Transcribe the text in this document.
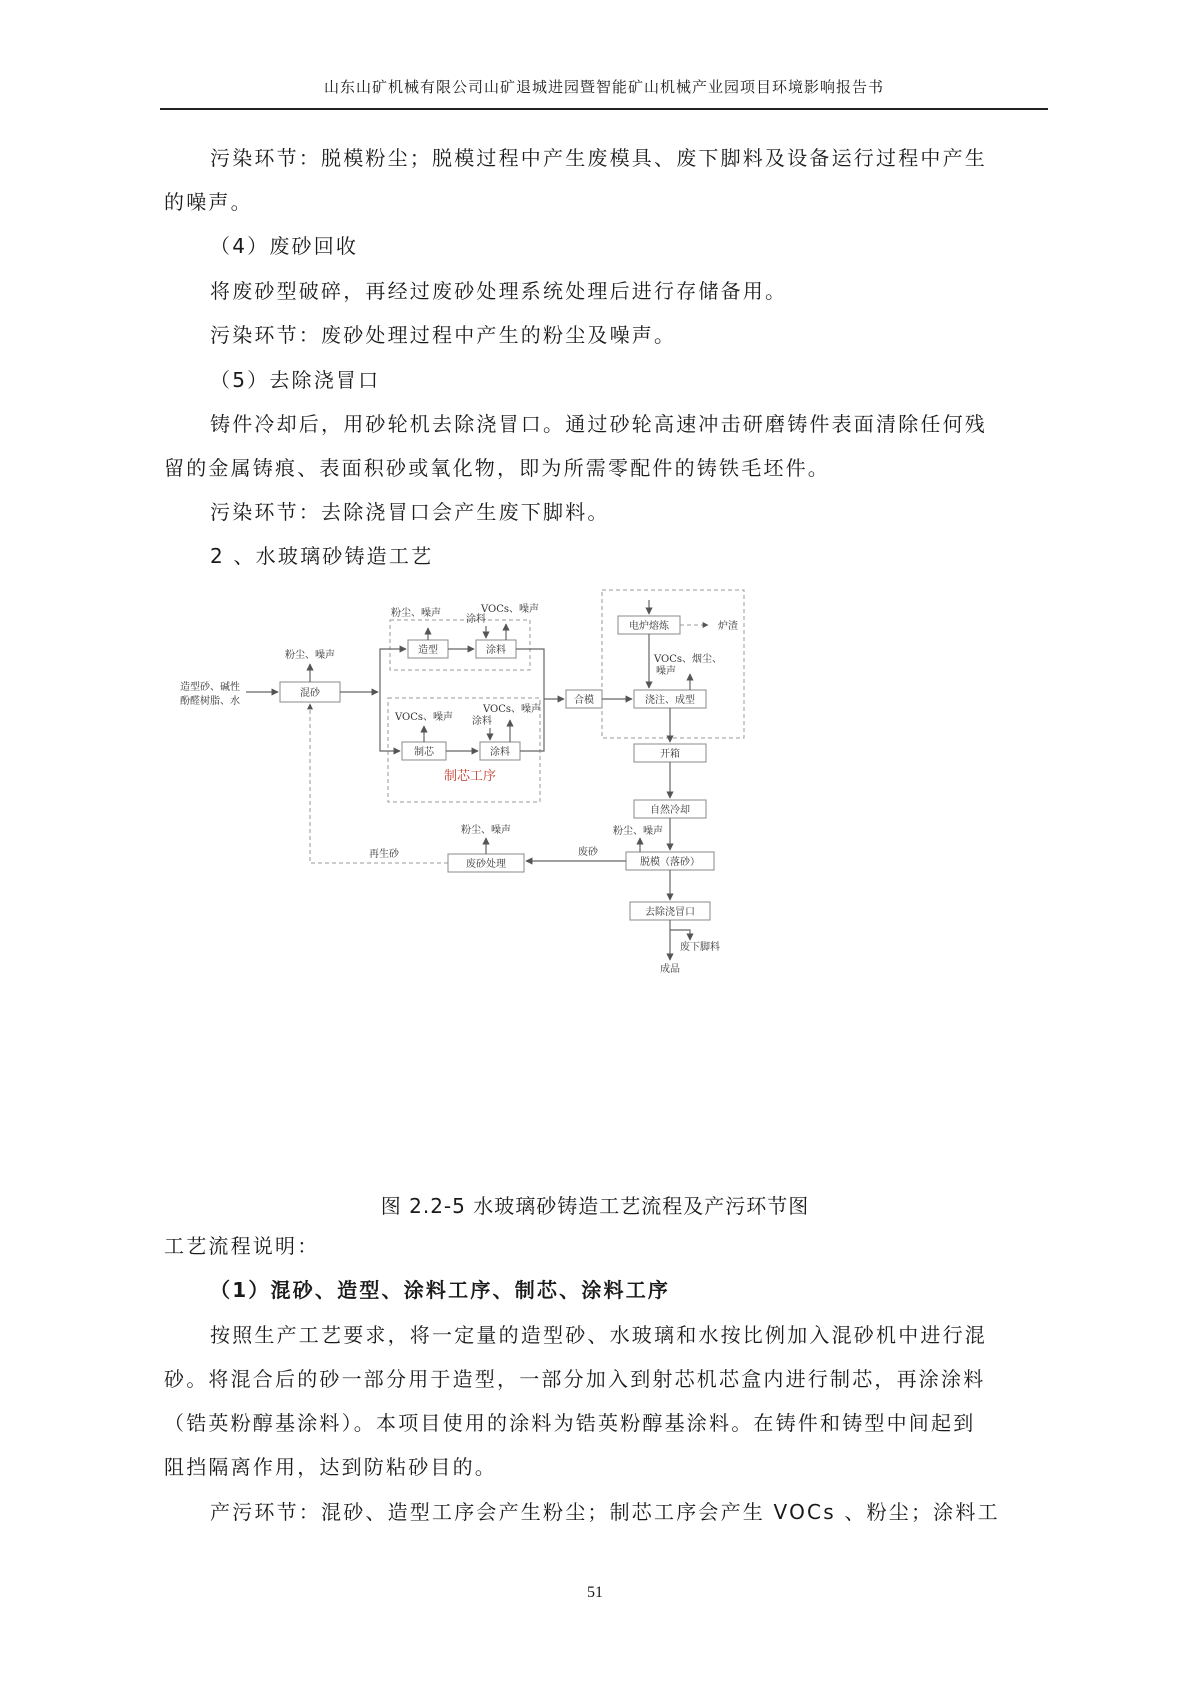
山东山矿机械有限公司山矿退城进园暨智能矿山机械产业园项目环境影响报告书
污染环节：脱模粉尘；脱模过程中产生废模具、废下脚料及设备运行过程中产生
的噪声。
（4）废砂回收
将废砂型破碎，再经过废砂处理系统处理后进行存储备用。
污染环节：废砂处理过程中产生的粉尘及噪声。
（5）去除浇冒口
铸件冷却后，用砂轮机去除浇冒口。通过砂轮高速冲击研磨铸件表面清除任何残
留的金属铸痕、表面积砂或氧化物，即为所需零配件的铸铁毛坯件。
污染环节：去除浇冒口会产生废下脚料。
2 、水玻璃砂铸造工艺
混砂
造型	涂料
制芯	涂料
合模
电炉熔炼
浇注、成型
开箱
自然冷却
脱模（落砂）
废砂处理
去除浇冒口
造型砂、碱性
酚醛树脂、水
粉尘、噪声
粉尘、噪声	VOCs、噪声
涂料
VOCs、噪声
VOCs、噪声
涂料
制芯工序
炉渣
VOCs、烟尘、
噪声
粉尘、噪声
废砂
粉尘、噪声
再生砂
废下脚料
成品
图 2.2-5 水玻璃砂铸造工艺流程及产污环节图
工艺流程说明：
（1）混砂、造型、涂料工序、制芯、涂料工序
按照生产工艺要求，将一定量的造型砂、水玻璃和水按比例加入混砂机中进行混
砂。将混合后的砂一部分用于造型，一部分加入到射芯机芯盒内进行制芯，再涂涂料
（锆英粉醇基涂料）。本项目使用的涂料为锆英粉醇基涂料。在铸件和铸型中间起到
阻挡隔离作用，达到防粘砂目的。
产污环节：混砂、造型工序会产生粉尘；制芯工序会产生 VOCs 、粉尘；涂料工
51
